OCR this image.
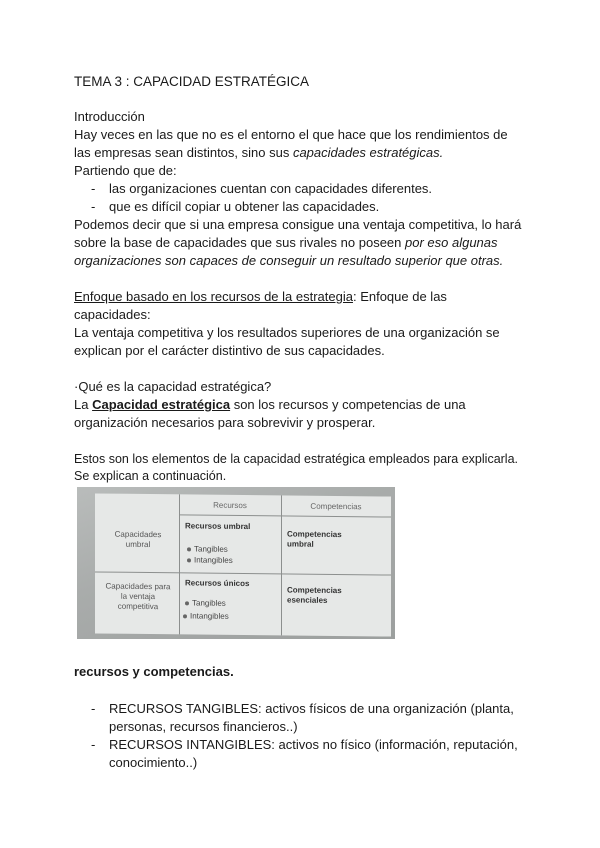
TEMA 3 : CAPACIDAD ESTRATÉGICA
Introducción
Hay veces en las que no es el entorno el que hace que los rendimientos de
las empresas sean distintos, sino sus capacidades estratégicas.
Partiendo que de:
- las organizaciones cuentan con capacidades diferentes.
- que es difícil copiar u obtener las capacidades.
Podemos decir que si una empresa consigue una ventaja competitiva, lo hará
sobre la base de capacidades que sus rivales no poseen por eso algunas
organizaciones son capaces de conseguir un resultado superior que otras.
Enfoque basado en los recursos de la estrategia: Enfoque de las
capacidades:
La ventaja competitiva y los resultados superiores de una organización se
explican por el carácter distintivo de sus capacidades.
·Qué es la capacidad estratégica?
La Capacidad estratégica son los recursos y competencias de una
organización necesarios para sobrevivir y prosperar.
Estos son los elementos de la capacidad estratégica empleados para explicarla.
Se explican a continuación.
Recursos	Competencias
Capacidades umbral
Capacidades para la ventaja competitiva
Recursos umbral
Tangibles
Intangibles
Competencias umbral
Recursos únicos
Tangibles
Intangibles
Competencias esenciales
recursos y competencias.
- RECURSOS TANGIBLES: activos físicos de una organización (planta,
personas, recursos financieros..)
- RECURSOS INTANGIBLES: activos no físico (información, reputación,
conocimiento..)
